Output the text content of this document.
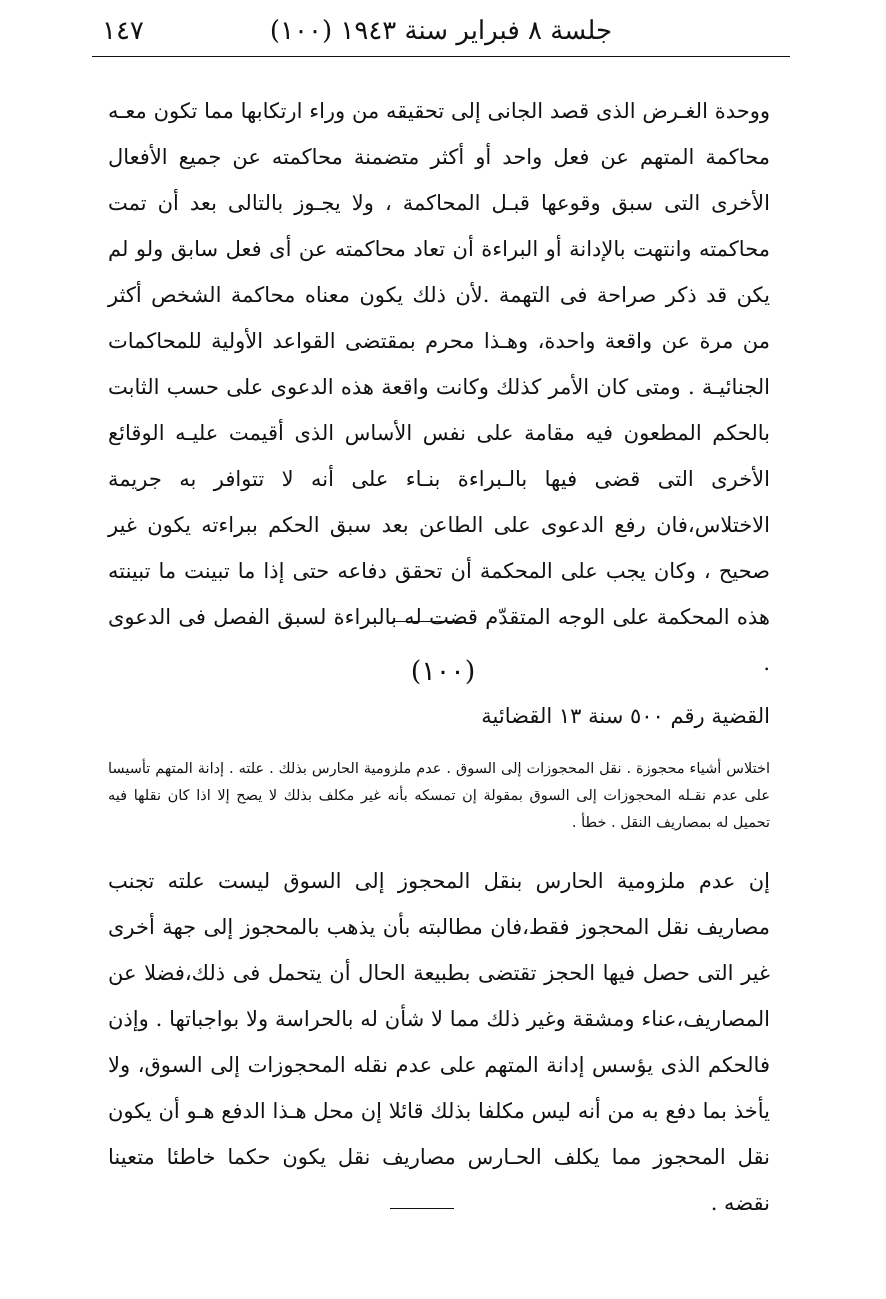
جلسة ٨ فبراير سنة ١٩٤٣ (١٠٠)
١٤٧
ووحدة الغـرض الذى قصد الجانى إلى تحقيقه من وراء ارتكابها مما تكون معـه محاكمة المتهم عن فعل واحد أو أكثر متضمنة محاكمته عن جميع الأفعال الأخرى التى سبق وقوعها قبـل المحاكمة ، ولا يجـوز بالتالى بعد أن تمت محاكمته وانتهت بالإدانة أو البراءة أن تعاد محاكمته عن أى فعل سابق ولو لم يكن قد ذكر صراحة فى التهمة .لأن ذلك يكون معناه محاكمة الشخص أكثر من مرة عن واقعة واحدة، وهـذا محرم بمقتضى القواعد الأولية للمحاكمات الجنائيـة . ومتى كان الأمر كذلك وكانت واقعة هذه الدعوى على حسب الثابت بالحكم المطعون فيه مقامة على نفس الأساس الذى أقيمت عليـه الوقائع الأخرى التى قضى فيها بالـبراءة بنـاء على أنه لا تتوافر به جريمة الاختلاس،فان رفع الدعوى على الطاعن بعد سبق الحكم ببراءته يكون غير صحيح ، وكان يجب على المحكمة أن تحقق دفاعه حتى إذا ما تبينت ما تبينته هذه المحكمة على الوجه المتقدّم قضت له بالبراءة لسبق الفصل فى الدعوى .
(١٠٠)
القضية رقم ٥٠٠ سنة ١٣ القضائية
اختلاس أشياء محجوزة . نقل المحجوزات إلى السوق . عدم ملزومية الحارس بذلك . علته . إدانة المتهم تأسيسا على عدم نقـله المحجوزات إلى السوق بمقولة إن تمسكه بأنه غير مكلف بذلك لا يصح إلا اذا كان نقلها فيه تحميل له بمصاريف النقل . خطأ .
إن عدم ملزومية الحارس بنقل المحجوز إلى السوق ليست علته تجنب مصاريف نقل المحجوز فقط،فان مطالبته بأن يذهب بالمحجوز إلى جهة أخرى غير التى حصل فيها الحجز تقتضى بطبيعة الحال أن يتحمل فى ذلك،فضلا عن المصاريف،عناء ومشقة وغير ذلك مما لا شأن له بالحراسة ولا بواجباتها . وإذن فالحكم الذى يؤسس إدانة المتهم على عدم نقله المحجوزات إلى السوق، ولا يأخذ بما دفع به من أنه ليس مكلفا بذلك قائلا إن محل هـذا الدفع هـو أن يكون نقل المحجوز مما يكلف الحـارس مصاريف نقل يكون حكما خاطئا متعينا نقضه .
